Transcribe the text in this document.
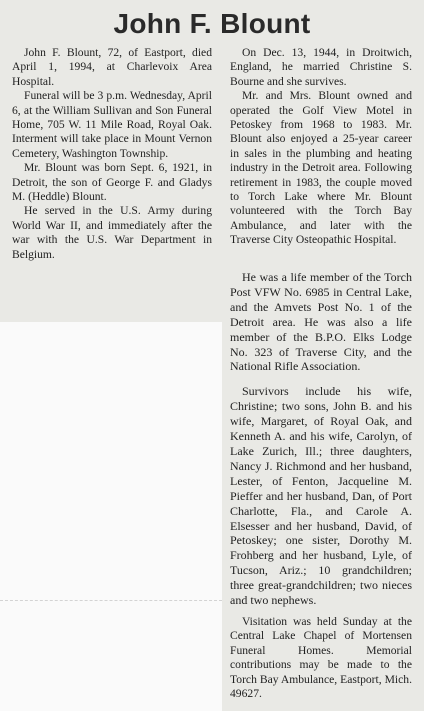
John F. Blount

John F. Blount, 72, of Eastport, died April 1, 1994, at Charlevoix Area Hospital.

Funeral will be 3 p.m. Wednesday, April 6, at the William Sullivan and Son Funeral Home, 705 W. 11 Mile Road, Royal Oak. Interment will take place in Mount Vernon Cemetery, Washington Township.

Mr. Blount was born Sept. 6, 1921, in Detroit, the son of George F. and Gladys M. (Heddle) Blount.

He served in the U.S. Army during World War II, and immediately after the war with the U.S. War Department in Belgium.

On Dec. 13, 1944, in Droitwich, England, he married Christine S. Bourne and she survives.

Mr. and Mrs. Blount owned and operated the Golf View Motel in Petoskey from 1968 to 1983. Mr. Blount also enjoyed a 25-year career in sales in the plumbing and heating industry in the Detroit area. Following retirement in 1983, the couple moved to Torch Lake where Mr. Blount volunteered with the Torch Bay Ambulance, and later with the Traverse City Osteopathic Hospital.

He was a life member of the Torch Post VFW No. 6985 in Central Lake, and the Amvets Post No. 1 of the Detroit area. He was also a life member of the B.P.O. Elks Lodge No. 323 of Traverse City, and the National Rifle Association.

Survivors include his wife, Christine; two sons, John B. and his wife, Margaret, of Royal Oak, and Kenneth A. and his wife, Carolyn, of Lake Zurich, Ill.; three daughters, Nancy J. Richmond and her husband, Lester, of Fenton, Jacqueline M. Pieffer and her husband, Dan, of Port Charlotte, Fla., and Carole A. Elsesser and her husband, David, of Petoskey; one sister, Dorothy M. Frohberg and her husband, Lyle, of Tucson, Ariz.; 10 grandchildren; three great-grandchildren; two nieces and two nephews.

Visitation was held Sunday at the Central Lake Chapel of Mortensen Funeral Homes. Memorial contributions may be made to the Torch Bay Ambulance, Eastport, Mich. 49627.
